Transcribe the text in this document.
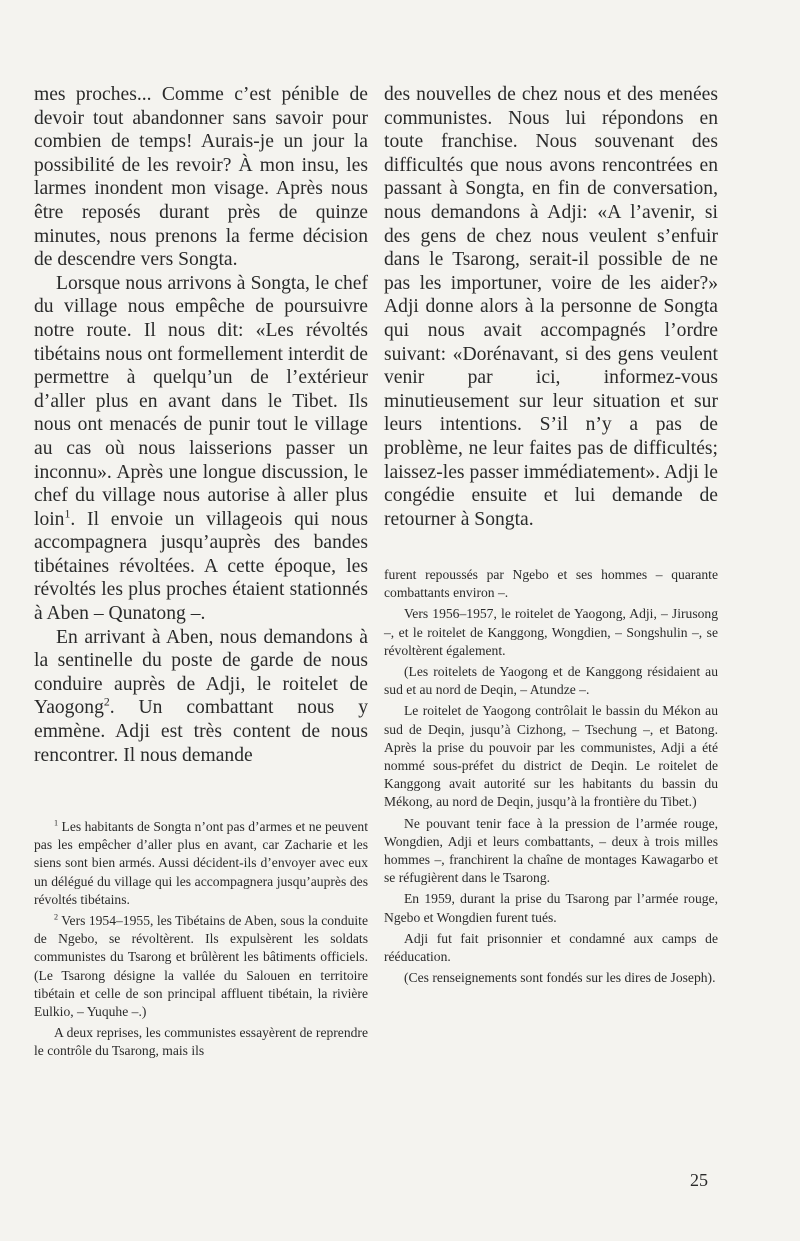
mes proches... Comme c’est pénible de devoir tout abandonner sans savoir pour combien de temps! Aurais-je un jour la possibilité de les revoir? À mon insu, les larmes inondent mon visage. Après nous être reposés durant près de quinze minutes, nous prenons la ferme décision de descendre vers Songta.

Lorsque nous arrivons à Songta, le chef du village nous empêche de poursuivre notre route. Il nous dit: «Les révoltés tibétains nous ont formellement interdit de permettre à quelqu’un de l’extérieur d’aller plus en avant dans le Tibet. Ils nous ont menacés de punir tout le village au cas où nous laisserions passer un inconnu». Après une longue discussion, le chef du village nous autorise à aller plus loin$^1$. Il envoie un villageois qui nous accompagnera jusqu’auprès des bandes tibétaines révoltées. A cette époque, les révoltés les plus proches étaient stationnés à Aben – Qunatong –.

En arrivant à Aben, nous demandons à la sentinelle du poste de garde de nous conduire auprès de Adji, le roitelet de Yaogong$^2$. Un combattant nous y emmène. Adji est très content de nous rencontrer. Il nous demande

des nouvelles de chez nous et des menées communistes. Nous lui répondons en toute franchise. Nous souvenant des difficultés que nous avons rencontrées en passant à Songta, en fin de conversation, nous demandons à Adji: «A l’avenir, si des gens de chez nous veulent s’enfuir dans le Tsarong, serait-il possible de ne pas les importuner, voire de les aider?» Adji donne alors à la personne de Songta qui nous avait accompagnés l’ordre suivant: «Dorénavant, si des gens veulent venir par ici, informez-vous minutieusement sur leur situation et sur leurs intentions. S’il n’y a pas de problème, ne leur faites pas de difficultés; laissez-les passer immédiatement». Adji le congédie ensuite et lui demande de retourner à Songta.

$^1$ Les habitants de Songta n’ont pas d’armes et ne peuvent pas les empêcher d’aller plus en avant, car Zacharie et les siens sont bien armés. Aussi décident-ils d’envoyer avec eux un délégué du village qui les accompagnera jusqu’auprès des révoltés tibétains.

$^2$ Vers 1954–1955, les Tibétains de Aben, sous la conduite de Ngebo, se révoltèrent. Ils expulsèrent les soldats communistes du Tsarong et brûlèrent les bâtiments officiels. (Le Tsarong désigne la vallée du Salouen en territoire tibétain et celle de son principal affluent tibétain, la rivière Eulkio, – Yuquhe –.)

A deux reprises, les communistes essayèrent de reprendre le contrôle du Tsarong, mais ils

furent repoussés par Ngebo et ses hommes – quarante combattants environ –.

Vers 1956–1957, le roitelet de Yaogong, Adji, – Jirusong –, et le roitelet de Kanggong, Wongdien, – Songshulin –, se révoltèrent également.

(Les roitelets de Yaogong et de Kanggong résidaient au sud et au nord de Deqin, – Atundze –.

Le roitelet de Yaogong contrôlait le bassin du Mékon au sud de Deqin, jusqu’à Cizhong, – Tsechung –, et Batong. Après la prise du pouvoir par les communistes, Adji a été nommé sous-préfet du district de Deqin. Le roitelet de Kanggong avait autorité sur les habitants du bassin du Mékong, au nord de Deqin, jusqu’à la frontière du Tibet.)

Ne pouvant tenir face à la pression de l’armée rouge, Wongdien, Adji et leurs combattants, – deux à trois milles hommes –, franchirent la chaîne de montages Kawagarbo et se réfugièrent dans le Tsarong.

En 1959, durant la prise du Tsarong par l’armée rouge, Ngebo et Wongdien furent tués.

Adji fut fait prisonnier et condamné aux camps de rééducation.

(Ces renseignements sont fondés sur les dires de Joseph).

25
